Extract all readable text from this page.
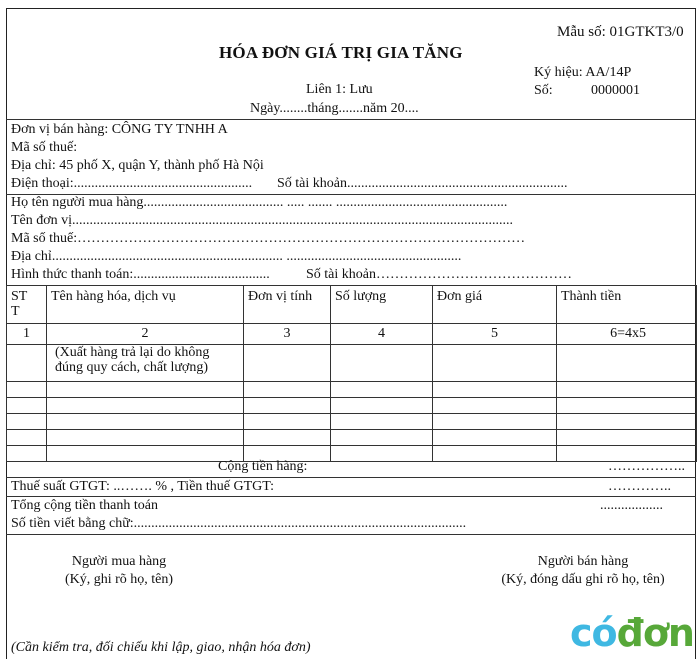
Mẫu số: 01GTKT3/0
HÓA ĐƠN GIÁ TRỊ GIA TĂNG
Ký hiệu: AA/14P
Liên 1: Lưu	Số:	0000001
Ngày........tháng.......năm 20....
Đơn vị bán hàng: CÔNG TY TNHH A
Mã số thuế:
Địa chỉ: 45 phố X, quận Y, thành phố Hà Nội
Điện thoại:................................................... Số tài khoản...............................................................
Họ tên người mua hàng........................................ ..... ....... .................................................
Tên đơn vị..............................................................................................................................
Mã số thuế:……………………………………………………………………………………
Địa chỉ.................................................................. ..................................................
Hình thức thanh toán:.......................................	Số tài khoản……………………………………
ST T	Tên hàng hóa, dịch vụ	Đơn vị tính	Số lượng	Đơn giá	Thành tiền
1	2	3	4	5	6=4x5
	(Xuất hàng trả lại do không đúng quy cách, chất lượng)				

Cộng tiền hàng:	……………..
Thuế suất GTGT: ..……. % , Tiền thuế GTGT:	…………..
Tổng cộng tiền thanh toán	..................
Số tiền viết bằng chữ:...............................................................................................
Người mua hàng
(Ký, ghi rõ họ, tên)
Người bán hàng
(Ký, đóng dấu ghi rõ họ, tên)
(Cần kiểm tra, đối chiếu khi lập, giao, nhận hóa đơn)	cóđơn
